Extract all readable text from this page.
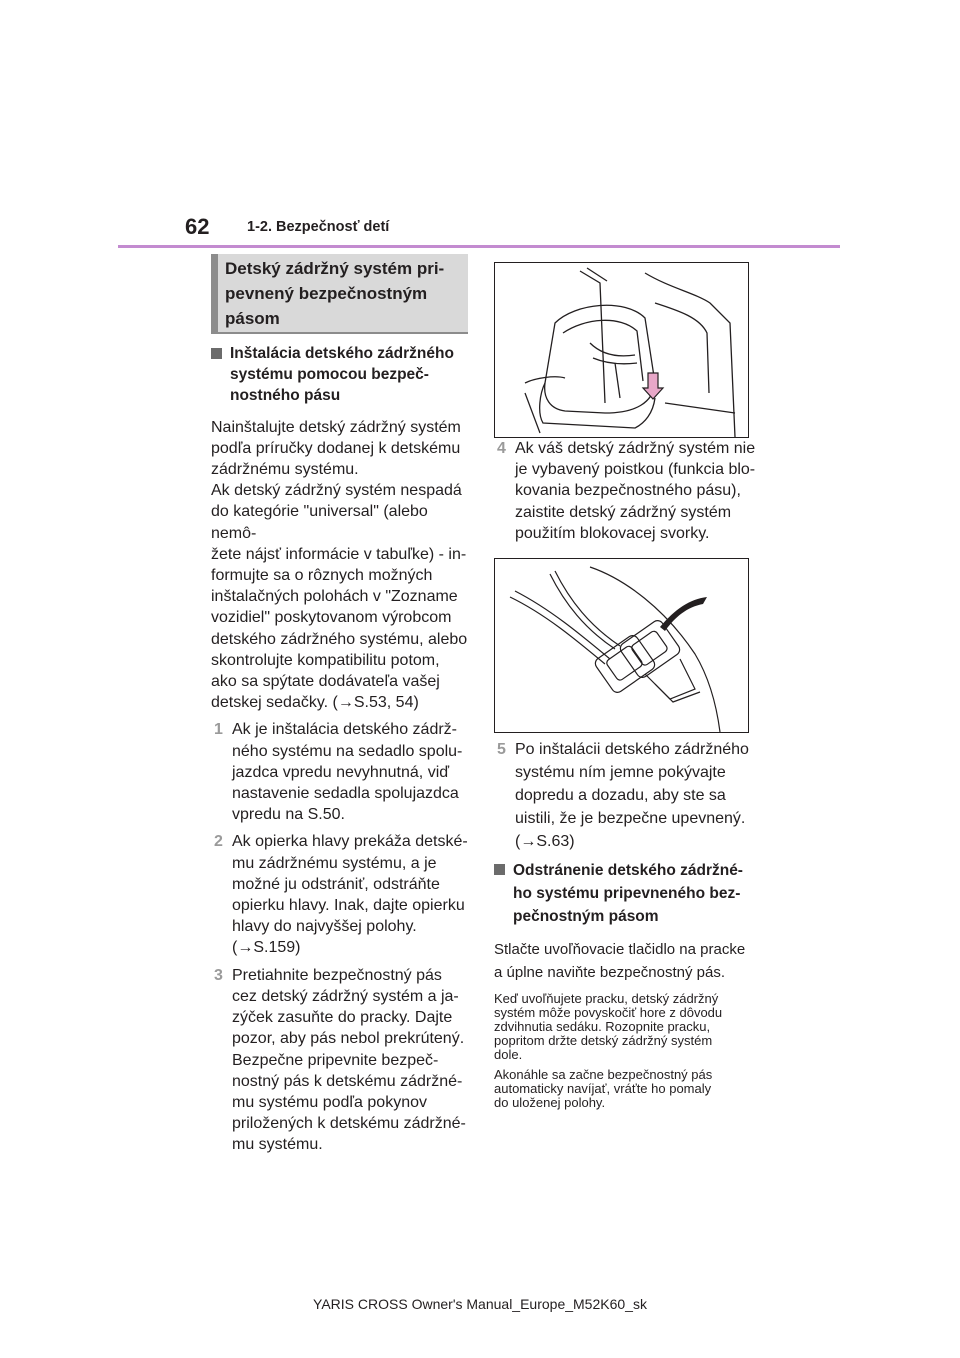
62	1-2. Bezpečnosť detí
Detský zádržný systém pri-
pevnený bezpečnostným
pásom
Inštalácia detského zádržného
systému pomocou bezpeč-
nostného pásu

Nainštalujte detský zádržný systém
podľa príručky dodanej k detskému
zádržnému systému.
Ak detský zádržný systém nespadá
do kategórie "universal" (alebo nemô-
žete nájsť informácie v tabuľke) - in-
formujte sa o rôznych možných
inštalačných polohách v "Zozname
vozidiel" poskytovanom výrobcom
detského zádržného systému, alebo
skontrolujte kompatibilitu potom,
ako sa spýtate dodávateľa vašej
detskej sedačky. (→S.53, 54)

1 Ak je inštalácia detského zádrž-
ného systému na sedadlo spolu-
jazdca vpredu nevyhnutná, viď
nastavenie sedadla spolujazdca
vpredu na S.50.
2 Ak opierka hlavy prekáža detské-
mu zádržnému systému, a je
možné ju odstrániť, odstráňte
opierku hlavy. Inak, dajte opierku
hlavy do najvyššej polohy.
(→S.159)
3 Pretiahnite bezpečnostný pás
cez detský zádržný systém a ja-
zýček zasuňte do pracky. Dajte
pozor, aby pás nebol prekrútený.
Bezpečne pripevnite bezpeč-
nostný pás k detskému zádržné-
mu systému podľa pokynov
priložených k detskému zádržné-
mu systému.
4 Ak váš detský zádržný systém nie
je vybavený poistkou (funkcia blo-
kovania bezpečnostného pásu),
zaistite detský zádržný systém
použitím blokovacej svorky.
5 Po inštalácii detského zádržného
systému ním jemne pokývajte
dopredu a dozadu, aby ste sa
uistili, že je bezpečne upevnený.
(→S.63)
Odstránenie detského zádržné-
ho systému pripevneného bez-
pečnostným pásom

Stlačte uvoľňovacie tlačidlo na pracke
a úplne naviňte bezpečnostný pás.

Keď uvoľňujete pracku, detský zádržný
systém môže povyskočiť hore z dôvodu
zdvihnutia sedáku. Rozopnite pracku,
popritom držte detský zádržný systém
dole.

Akonáhle sa začne bezpečnostný pás
automaticky navíjať, vráťte ho pomaly
do uloženej polohy.

YARIS CROSS Owner's Manual_Europe_M52K60_sk
